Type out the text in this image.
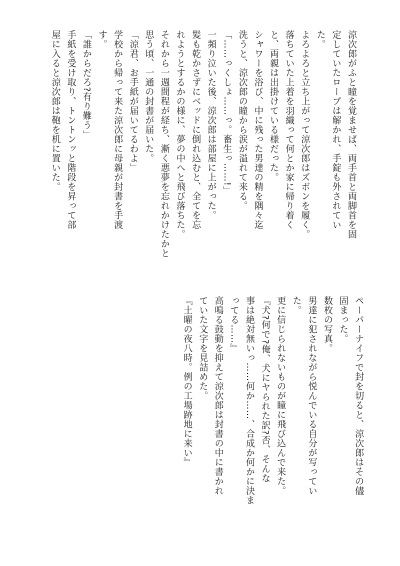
涼次郎がふと瞳を覚ませば、両手首と両脚首を固
定していたロープは解かれ、手錠も外されてい
た。
よろよろと立ち上がって涼次郎はズボンを履く。
落ちていた上着を羽織って何とか家に帰り着く
と、両親は出掛けている様だった。
シャワーを浴び、中に残った男達の精を隅々迄
洗うと、涼次郎の瞳から涙が溢れて来る。
「……っくしょ……っ。畜生っ……!」
一頻り泣いた後、涼次郎は部屋に上がった。
髪も乾かさずにベッドに倒れ込むと、全てを忘
れようとするかの様に、夢の中へと飛び落ちた。
それから一週間程が経ち、漸く悪夢を忘れかけたかと
思う頃、一通の封書が届いた。
「涼君、お手紙が届いてるわよ」
学校から帰って来た涼次郎に母親が封書を手渡
す。
「誰からだろ?有り難う」
手紙を受け取り、トントンッと階段を昇って部
屋に入ると涼次郎は鞄を机に置いた。
ペーパーナイフで封を切ると、涼次郎はその儘
固まった。
数枚の写真。
男達に犯されながら悦んでいる自分が写ってい
た。
更に信じられないものが瞳に飛び込んで来た。
『犬?何で?俺、犬にヤられた訳?否、そんな
事は絶対無いっ……何か……、合成か何かに決ま
ってる……』
高鳴る鼓動を抑えて涼次郎は封書の中に書かれ
ていた文字を見詰めた。
『土曜の夜八時。例の工場跡地に来い』
